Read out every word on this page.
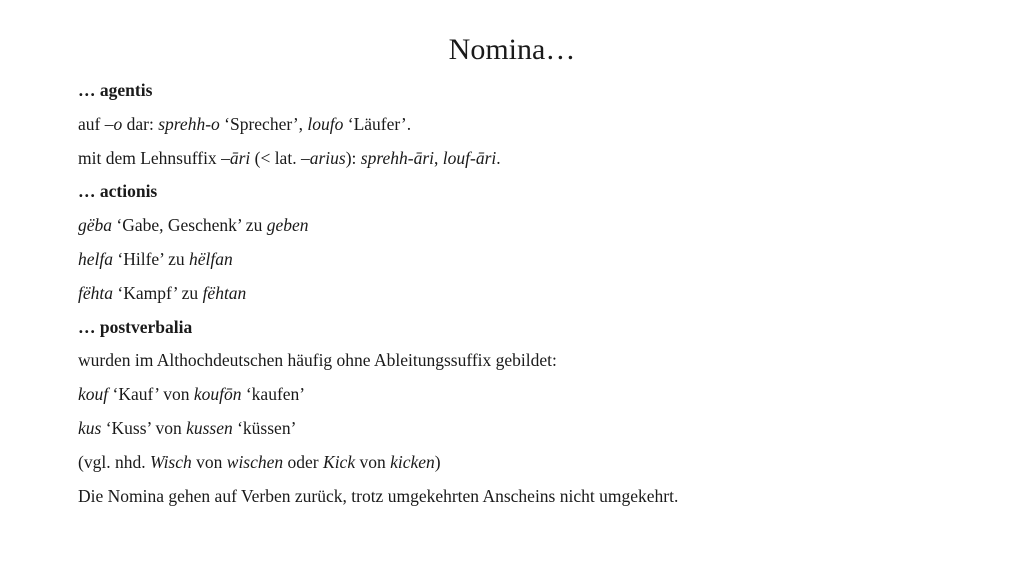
Nomina…
… agentis
auf –o dar: sprehh-o ‘Sprecher’, loufo ‘Läufer’.
mit dem Lehnsuffix –āri (< lat. –arius): sprehh-āri, louf-āri.
… actionis
gëba ‘Gabe, Geschenk’ zu geben
helfa ‘Hilfe’ zu hëlfan
fëhta ‘Kampf’ zu fëhtan
… postverbalia
wurden im Althochdeutschen häufig ohne Ableitungssuffix gebildet:
kouf ‘Kauf’ von koufōn ‘kaufen’
kus ‘Kuss’ von kussen ‘küssen’
(vgl. nhd. Wisch von wischen oder Kick von kicken)
Die Nomina gehen auf Verben zurück, trotz umgekehrten Anscheins nicht umgekehrt.
